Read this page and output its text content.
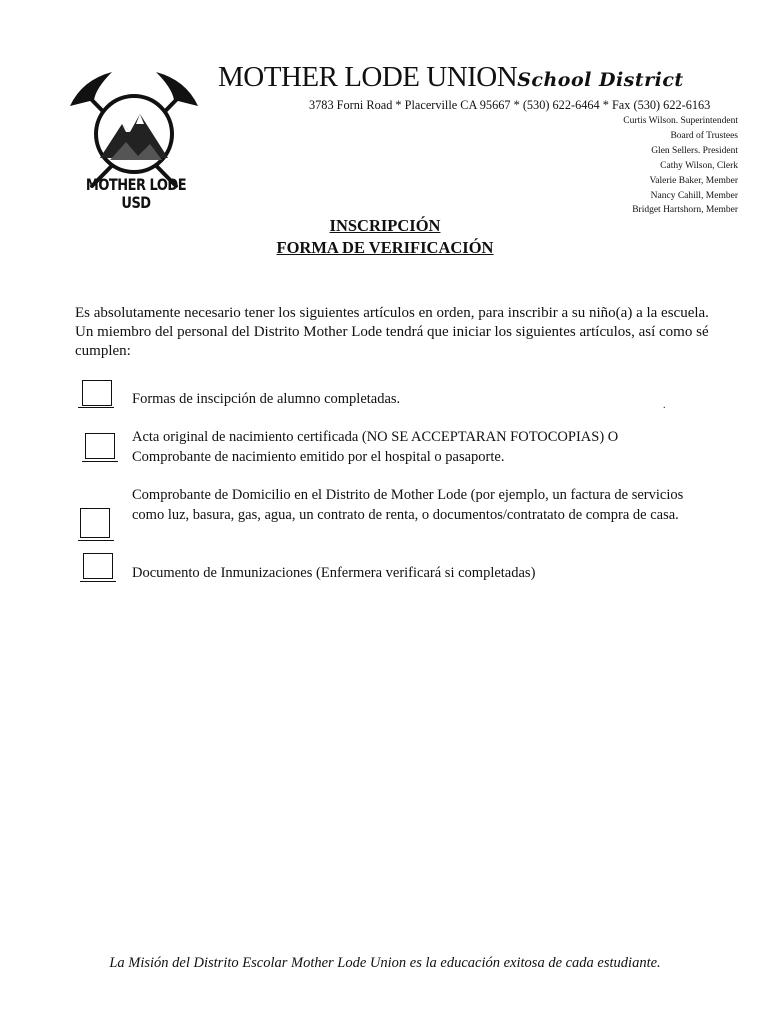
MOTHER LODE USD
MOTHER LODE UNIONSchool District
3783 Forni Road * Placerville CA 95667 * (530) 622-6464 * Fax (530) 622-6163
Curtis Wilson. Superintendent
Board of Trustees
Glen Sellers. President
Cathy Wilson, Clerk
Valerie Baker, Member
Nancy Cahill, Member
Bridget Hartshorn, Member
INSCRIPCIÓN
FORMA DE VERIFICACIÓN
Es absolutamente necesario tener los siguientes artículos en orden, para inscribir a su niño(a) a la escuela. Un miembro del personal del Distrito Mother Lode tendrá que iniciar los siguientes artículos, así como sé cumplen:
Formas de inscipción de alumno completadas.	.
Acta original de nacimiento certificada (NO SE ACCEPTARAN FOTOCOPIAS) O Comprobante de nacimiento emitido por el hospital o pasaporte.
Comprobante de Domicilio en el Distrito de Mother Lode (por ejemplo, un factura de servicios como luz, basura, gas, agua, un contrato de renta, o documentos/contratato de compra de casa.
Documento de Inmunizaciones (Enfermera verificará si completadas)
La Misión del Distrito Escolar Mother Lode Union es la educación exitosa de cada estudiante.
